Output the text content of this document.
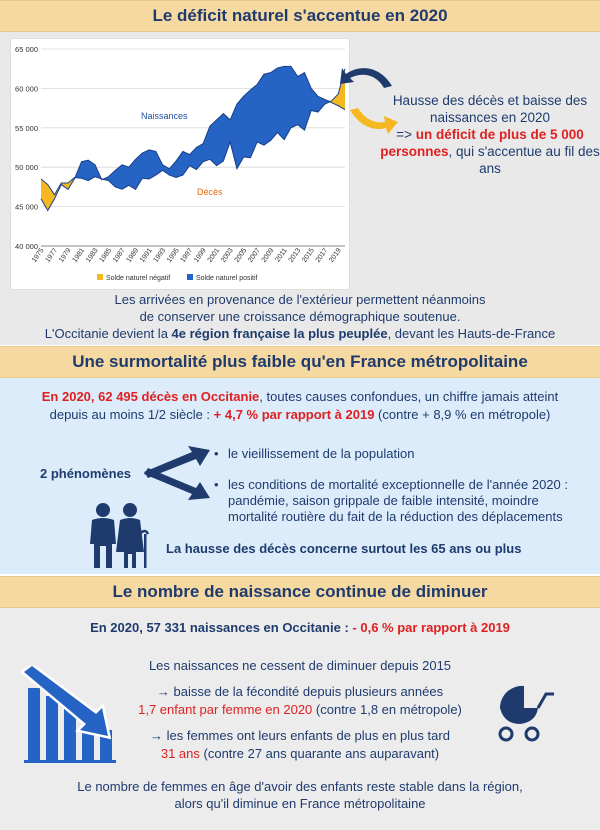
Le déficit naturel s'accentue en 2020
40 000
45 000
50 000
55 000
60 000
65 000
1975
1977
1979
1981
1983
1985
1987
1989
1991
1993
1995
1997
1999
2001
2003
2005
2007
2009 2011
2013
2015
2017
2019
Naissances
Décès
Solde naturel négatif	Solde naturel positif
Hausse des décès et baisse des naissances en 2020
=> un déficit de plus de 5 000 personnes, qui s'accentue au fil des ans
Les arrivées en provenance de l'extérieur permettent néanmoins
de conserver une croissance démographique soutenue.
L'Occitanie devient la 4e région française la plus peuplée, devant les Hauts-de-France
Une surmortalité plus faible qu'en France métropolitaine
En 2020, 62 495 décès en Occitanie, toutes causes confondues, un chiffre jamais atteint
depuis au moins 1/2 siècle : + 4,7 % par rapport à 2019 (contre + 8,9 % en métropole)
2 phénomènes
• le vieillissement de la population
• les conditions de mortalité exceptionnelle de l'année 2020 :
pandémie, saison grippale de faible intensité, moindre
mortalité routière du fait de la réduction des déplacements
La hausse des décès concerne surtout les 65 ans ou plus
Le nombre de naissance continue de diminuer
En 2020, 57 331 naissances en Occitanie : - 0,6 % par rapport à 2019
Les naissances ne cessent de diminuer depuis 2015
→ baisse de la fécondité depuis plusieurs années
1,7 enfant par femme en 2020 (contre 1,8 en métropole)
→ les femmes ont leurs enfants de plus en plus tard
31 ans (contre 27 ans quarante ans auparavant)
Le nombre de femmes en âge d'avoir des enfants reste stable dans la région,
alors qu'il diminue en France métropolitaine
